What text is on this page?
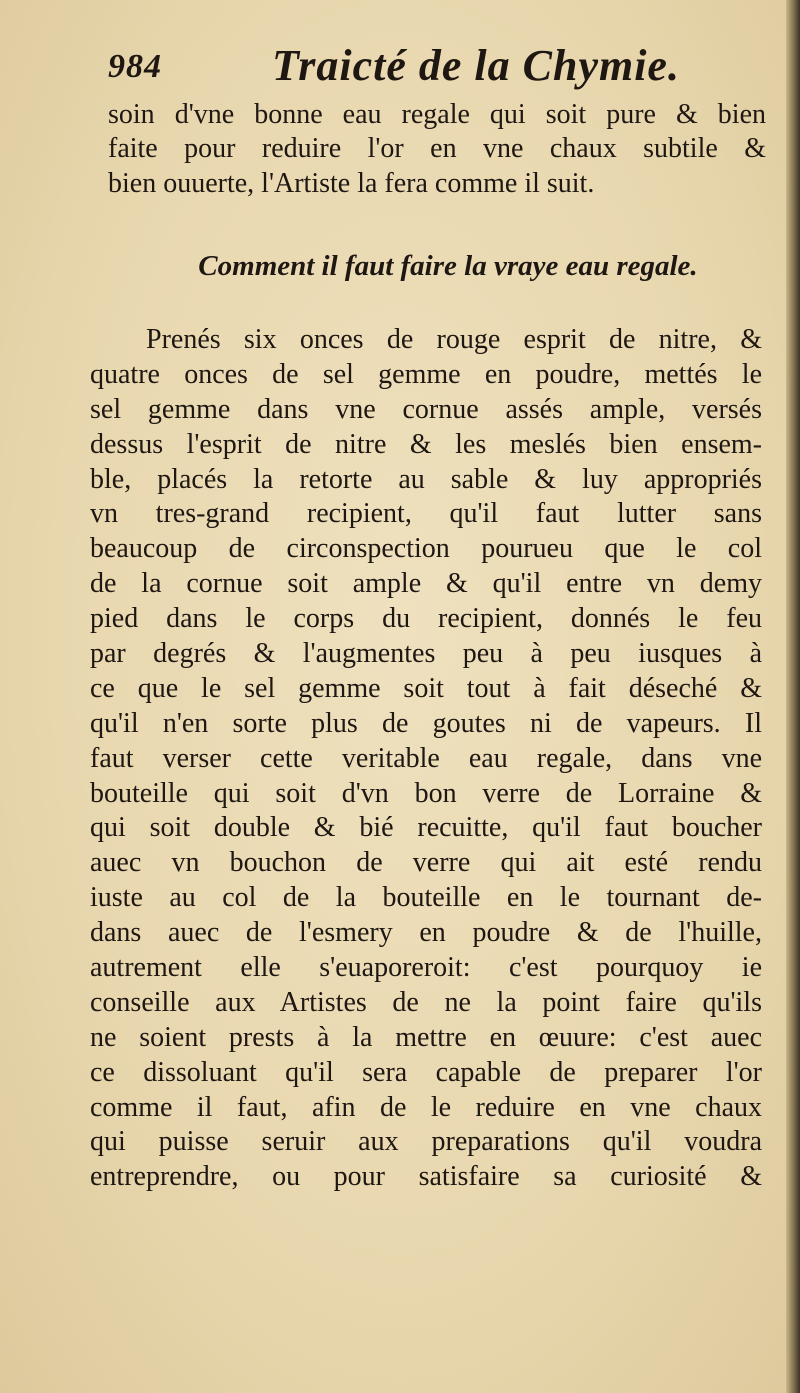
984	Traicté de la Chymie.
soin d'vne bonne eau regale qui soit pure & bien
faite pour reduire l'or en vne chaux subtile &
bien ouuerte, l'Artiste la fera comme il suit.
Comment il faut faire la vraye eau regale.
Prenés six onces de rouge esprit de nitre, &
quatre onces de sel gemme en poudre, mettés le
sel gemme dans vne cornue assés ample, versés
dessus l'esprit de nitre & les meslés bien ensem-
ble, placés la retorte au sable & luy appropriés
vn tres-grand recipient, qu'il faut lutter sans
beaucoup de circonspection pourueu que le col
de la cornue soit ample & qu'il entre vn demy
pied dans le corps du recipient, donnés le feu
par degrés & l'augmentes peu à peu iusques à
ce que le sel gemme soit tout à fait déseché &
qu'il n'en sorte plus de goutes ni de vapeurs. Il
faut verser cette veritable eau regale, dans vne
bouteille qui soit d'vn bon verre de Lorraine &
qui soit double & bié recuitte, qu'il faut boucher
auec vn bouchon de verre qui ait esté rendu
iuste au col de la bouteille en le tournant de-
dans auec de l'esmery en poudre & de l'huille,
autrement elle s'euaporeroit: c'est pourquoy ie
conseille aux Artistes de ne la point faire qu'ils
ne soient prests à la mettre en œuure: c'est auec
ce dissoluant qu'il sera capable de preparer l'or
comme il faut, afin de le reduire en vne chaux
qui puisse seruir aux preparations qu'il voudra
entreprendre, ou pour satisfaire sa curiosité &
